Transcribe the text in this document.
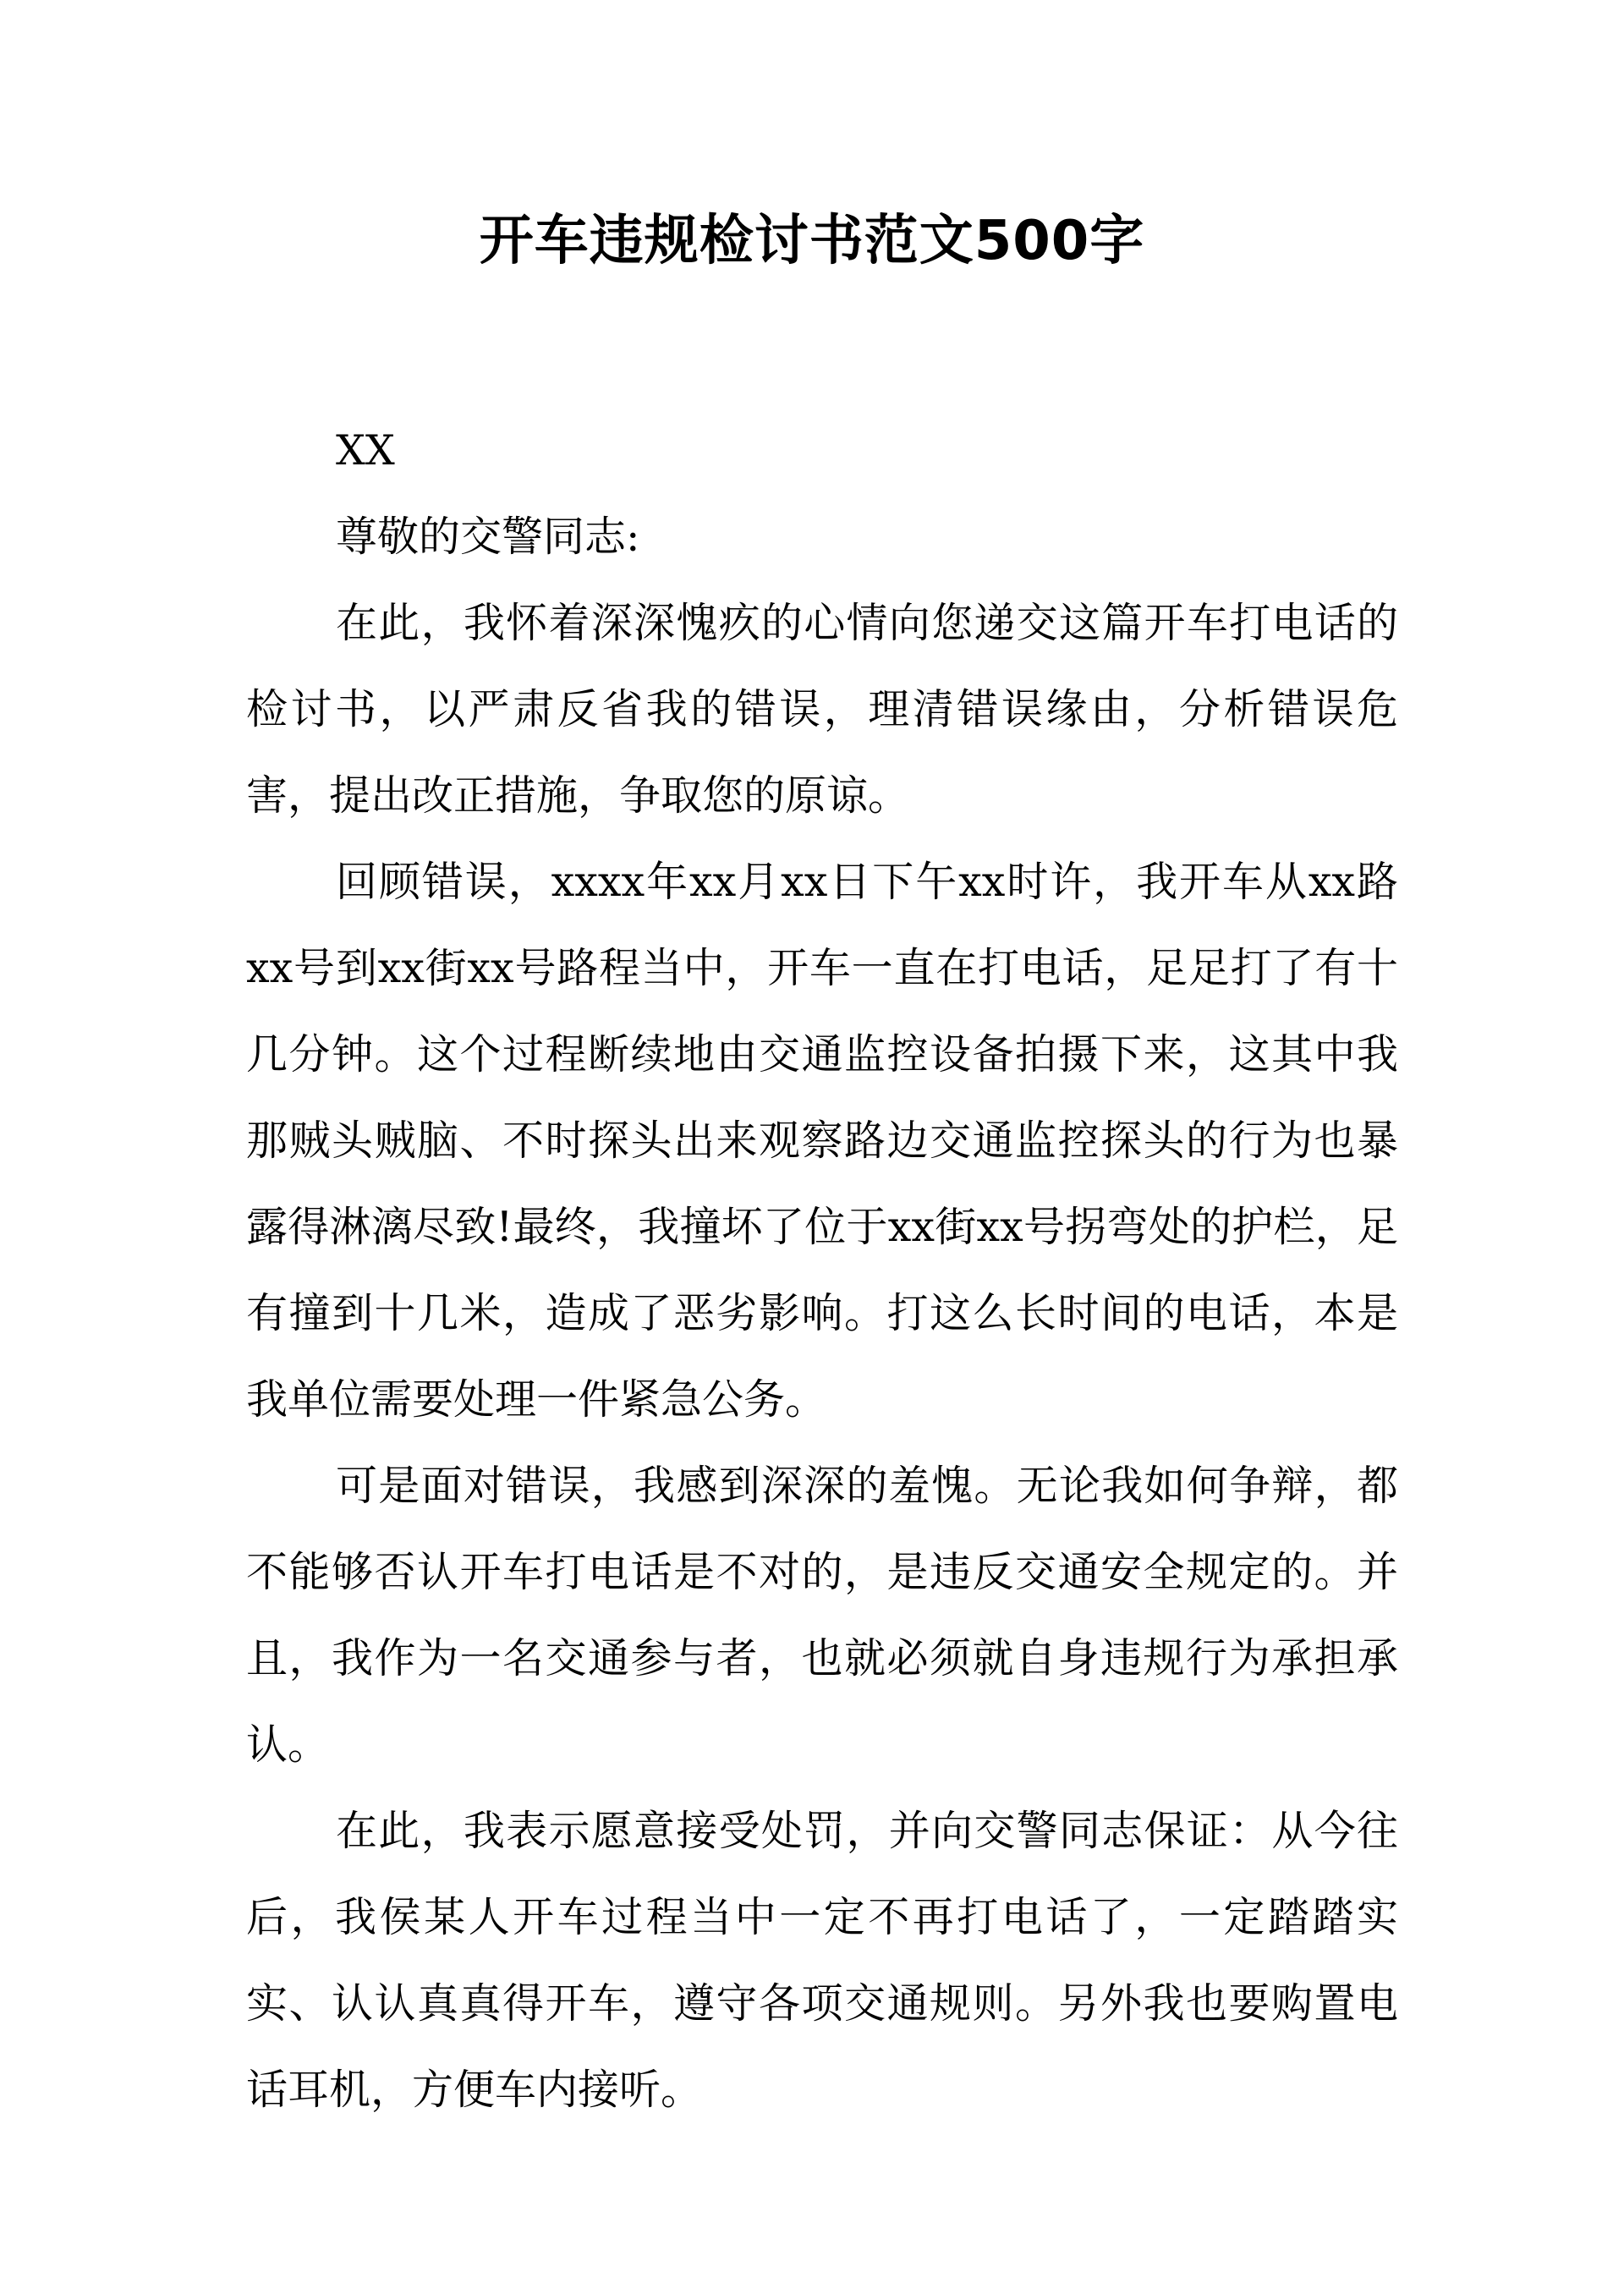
开车违规检讨书范文500字

XX

尊敬的交警同志:

在此，我怀着深深愧疚的心情向您递交这篇开车打电话的检讨书，以严肃反省我的错误，理清错误缘由，分析错误危害，提出改正措施，争取您的原谅。

回顾错误，xxxx年xx月xx日下午xx时许，我开车从xx路xx号到xx街xx号路程当中，开车一直在打电话，足足打了有十几分钟。这个过程断续地由交通监控设备拍摄下来，这其中我那贼头贼脑、不时探头出来观察路边交通监控探头的行为也暴露得淋漓尽致!最终，我撞坏了位于xx街xx号拐弯处的护栏，足有撞到十几米，造成了恶劣影响。打这么长时间的电话，本是我单位需要处理一件紧急公务。

可是面对错误，我感到深深的羞愧。无论我如何争辩，都不能够否认开车打电话是不对的，是违反交通安全规定的。并且，我作为一名交通参与者，也就必须就自身违规行为承担承认。

在此，我表示愿意接受处罚，并向交警同志保证：从今往后，我侯某人开车过程当中一定不再打电话了，一定踏踏实实、认认真真得开车，遵守各项交通规则。另外我也要购置电话耳机，方便车内接听。
